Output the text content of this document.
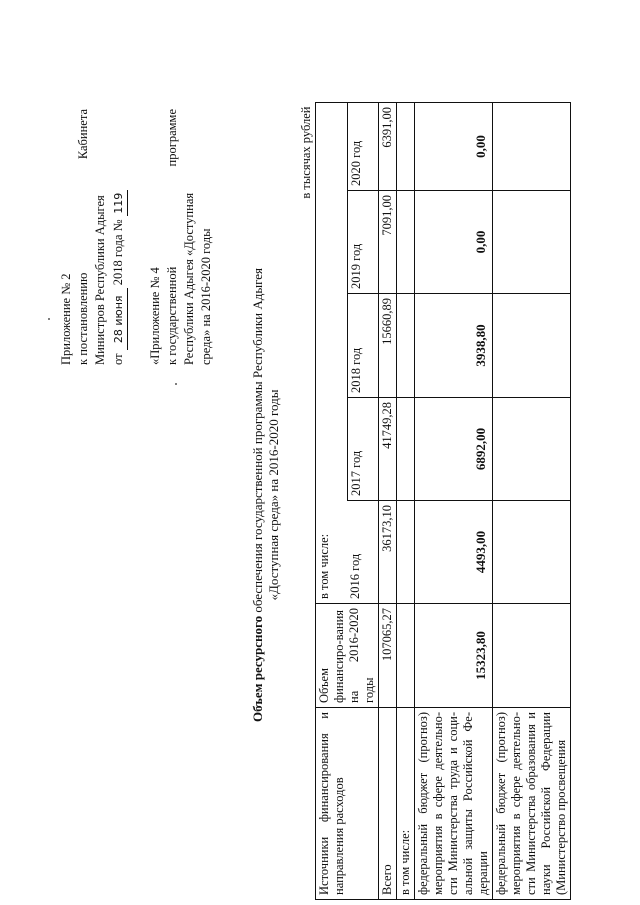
Приложение № 2 к постановлению
Кабинета
Министров Республики Адыгея от 28 июня 2018 года № 119
«Приложение № 4 к государственной
программе
Республики Адыгея «Доступная среда» на 2016-2020 годы
Объем ресурсного обеспечения государственной программы Республики Адыгея «Доступная среда» на 2016-2020 годы
в тысячах рублей						
Источники финансирования и направления расходов	Объем финансиро-вания на 2016-2020 годы	в том числе:				
		2016 год	2017 год	2018 год	2019 год	2020 год
Всего	107065,27	36173,10	41749,28	15660,89	7091,00	6391,00
в том числе:						
федеральный бюджет (прогноз) мероприятия в сфере деятельно-сти Министерства труда и соци-альной защиты Российской Фе-дерации	15323,80	4493,00	6892,00	3938,80	0,00	0,00
федеральный бюджет (прогноз) мероприятия в сфере деятельно-сти Министерства образования и науки Российской Федерации (Министерство просвещения						
